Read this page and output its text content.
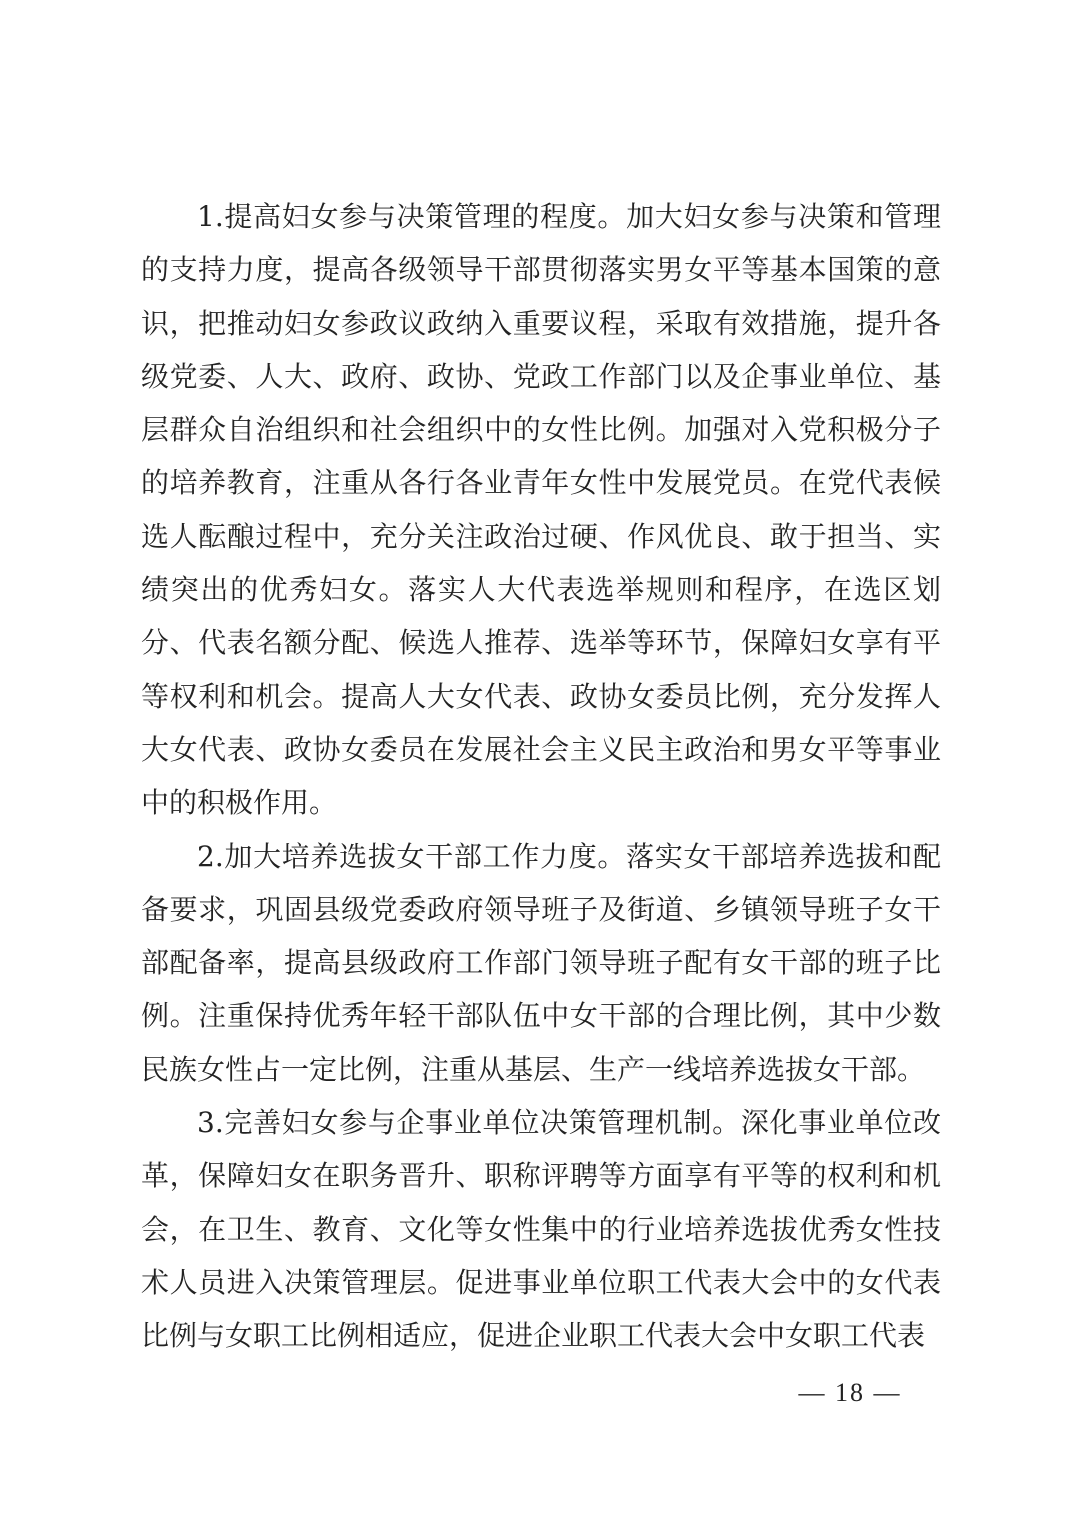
1.提高妇女参与决策管理的程度。加大妇女参与决策和管理的支持力度，提高各级领导干部贯彻落实男女平等基本国策的意识，把推动妇女参政议政纳入重要议程，采取有效措施，提升各级党委、人大、政府、政协、党政工作部门以及企事业单位、基层群众自治组织和社会组织中的女性比例。加强对入党积极分子的培养教育，注重从各行各业青年女性中发展党员。在党代表候选人酝酿过程中，充分关注政治过硬、作风优良、敢于担当、实绩突出的优秀妇女。落实人大代表选举规则和程序，在选区划分、代表名额分配、候选人推荐、选举等环节，保障妇女享有平等权利和机会。提高人大女代表、政协女委员比例，充分发挥人大女代表、政协女委员在发展社会主义民主政治和男女平等事业中的积极作用。

2.加大培养选拔女干部工作力度。落实女干部培养选拔和配备要求，巩固县级党委政府领导班子及街道、乡镇领导班子女干部配备率，提高县级政府工作部门领导班子配有女干部的班子比例。注重保持优秀年轻干部队伍中女干部的合理比例，其中少数民族女性占一定比例，注重从基层、生产一线培养选拔女干部。

3.完善妇女参与企事业单位决策管理机制。深化事业单位改革，保障妇女在职务晋升、职称评聘等方面享有平等的权利和机会，在卫生、教育、文化等女性集中的行业培养选拔优秀女性技术人员进入决策管理层。促进事业单位职工代表大会中的女代表比例与女职工比例相适应，促进企业职工代表大会中女职工代表

— 18 —
